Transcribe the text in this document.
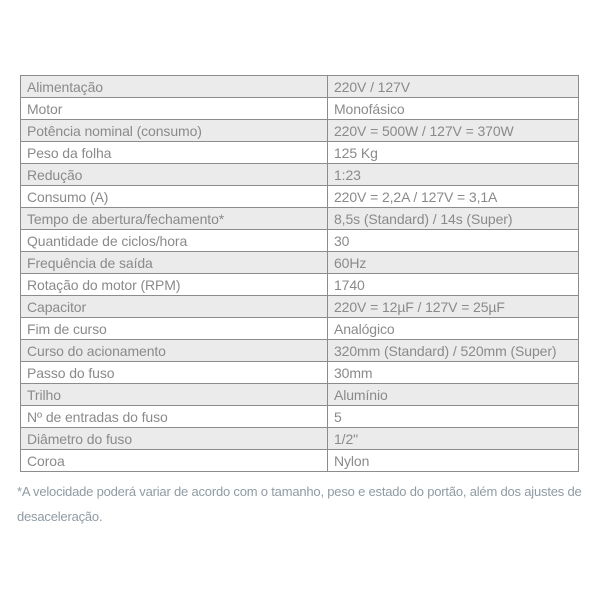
Alimentação	220V / 127V
Motor	Monofásico
Potência nominal (consumo)	220V = 500W / 127V = 370W
Peso da folha	125 Kg
Redução	1:23
Consumo (A)	220V = 2,2A / 127V = 3,1A
Tempo de abertura/fechamento*	8,5s (Standard) / 14s (Super)
Quantidade de ciclos/hora	30
Frequência de saída	60Hz
Rotação do motor (RPM)	1740
Capacitor	220V = 12µF / 127V = 25µF
Fim de curso	Analógico
Curso do acionamento	320mm (Standard) / 520mm (Super)
Passo do fuso	30mm
Trilho	Alumínio
Nº de entradas do fuso	5
Diâmetro do fuso	1/2"
Coroa	Nylon
*A velocidade poderá variar de acordo com o tamanho, peso e estado do portão, além dos ajustes de desaceleração.
